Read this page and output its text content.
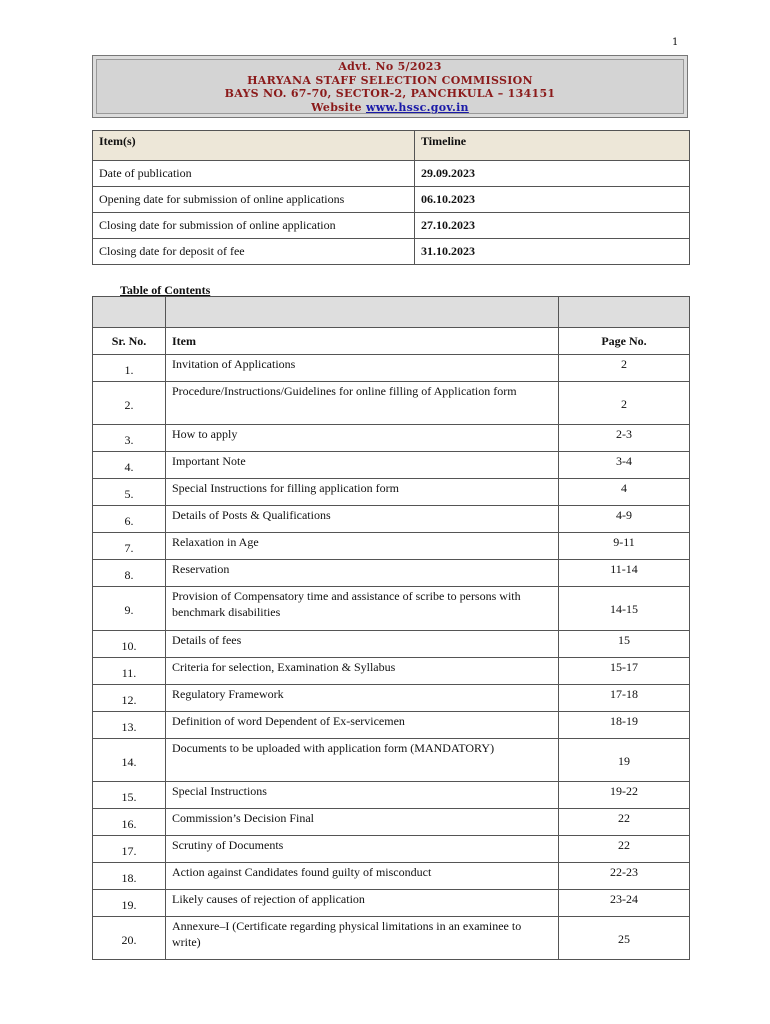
1
Advt. No 5/2023
HARYANA STAFF SELECTION COMMISSION
BAYS NO. 67-70, SECTOR-2, PANCHKULA – 134151
Website www.hssc.gov.in
Item(s)	Timeline
Date of publication	29.09.2023
Opening date for submission of online applications	06.10.2023
Closing date for submission of online application	27.10.2023
Closing date for deposit of fee	31.10.2023
Table of Contents

Sr. No.	Item	Page No.
1.	Invitation of Applications	2
2.	Procedure/Instructions/Guidelines for online filling of Application form	2
3.	How to apply	2-3
4.	Important Note	3-4
5.	Special Instructions for filling application form	4
6.	Details of Posts & Qualifications	4-9
7.	Relaxation in Age	9-11
8.	Reservation	11-14
9.	Provision of Compensatory time and assistance of scribe to persons with benchmark disabilities	14-15
10.	Details of fees	15
11.	Criteria for selection, Examination & Syllabus	15-17
12.	Regulatory Framework	17-18
13.	Definition of word Dependent of Ex-servicemen	18-19
14.	Documents to be uploaded with application form (MANDATORY)	19
15.	Special Instructions	19-22
16.	Commission’s Decision Final	22
17.	Scrutiny of Documents	22
18.	Action against Candidates found guilty of misconduct	22-23
19.	Likely causes of rejection of application	23-24
20.	Annexure–I (Certificate regarding physical limitations in an examinee to write)	25
